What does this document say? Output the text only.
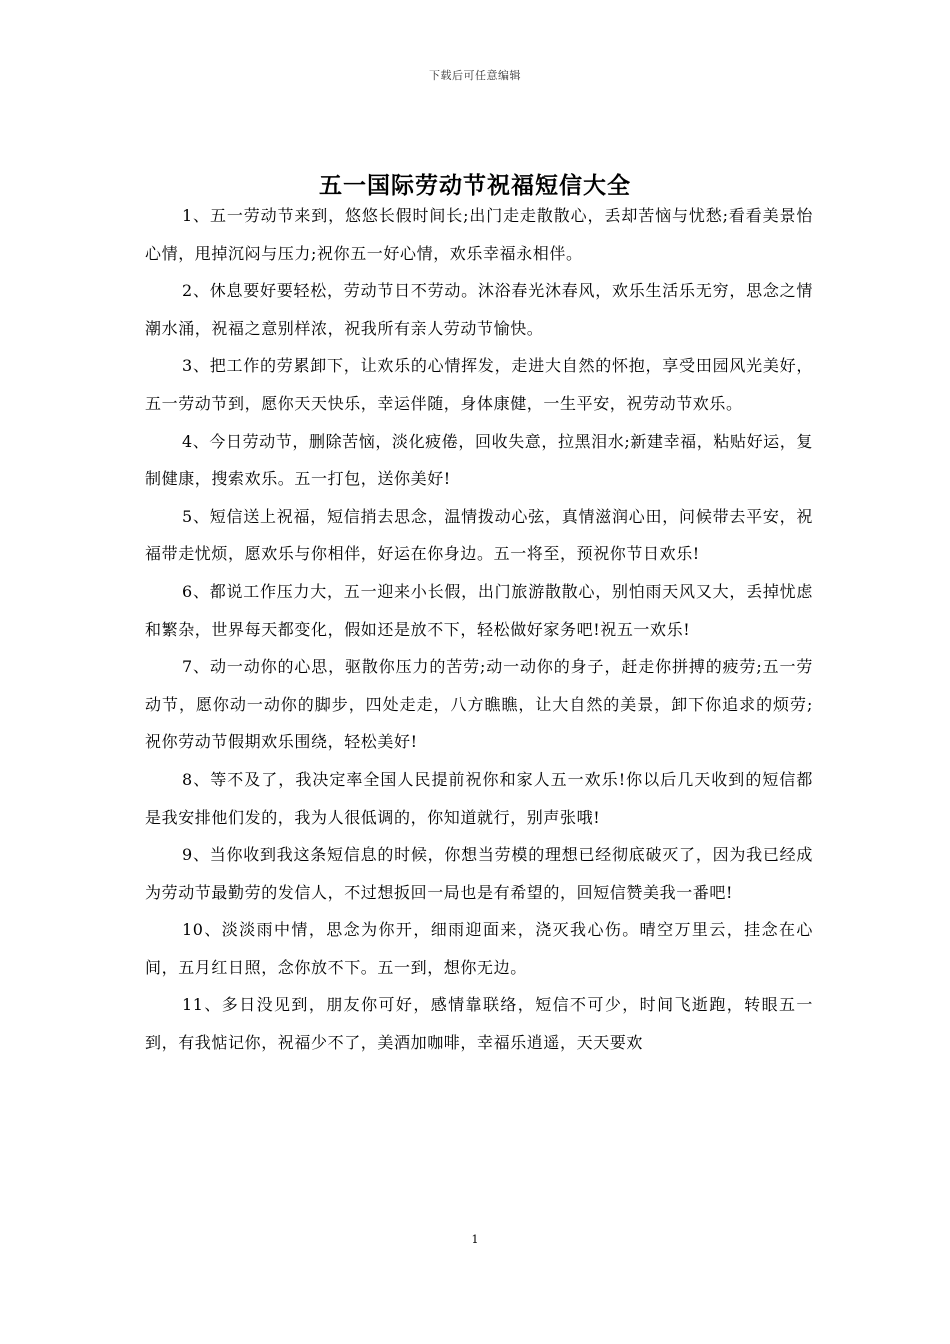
下载后可任意编辑
五一国际劳动节祝福短信大全

1、五一劳动节来到，悠悠长假时间长;出门走走散散心，丢却苦恼与忧愁;看看美景怡心情，甩掉沉闷与压力;祝你五一好心情，欢乐幸福永相伴。

2、休息要好要轻松，劳动节日不劳动。沐浴春光沐春风，欢乐生活乐无穷，思念之情潮水涌，祝福之意别样浓，祝我所有亲人劳动节愉快。

3、把工作的劳累卸下，让欢乐的心情挥发，走进大自然的怀抱，享受田园风光美好，五一劳动节到，愿你天天快乐，幸运伴随，身体康健，一生平安，祝劳动节欢乐。

4、今日劳动节，删除苦恼，淡化疲倦，回收失意，拉黑泪水;新建幸福，粘贴好运，复制健康，搜索欢乐。五一打包，送你美好!

5、短信送上祝福，短信捎去思念，温情拨动心弦，真情滋润心田，问候带去平安，祝福带走忧烦，愿欢乐与你相伴，好运在你身边。五一将至，预祝你节日欢乐!

6、都说工作压力大，五一迎来小长假，出门旅游散散心，别怕雨天风又大，丢掉忧虑和繁杂，世界每天都变化，假如还是放不下，轻松做好家务吧!祝五一欢乐!

7、动一动你的心思，驱散你压力的苦劳;动一动你的身子，赶走你拼搏的疲劳;五一劳动节，愿你动一动你的脚步，四处走走，八方瞧瞧，让大自然的美景，卸下你追求的烦劳;祝你劳动节假期欢乐围绕，轻松美好!

8、等不及了，我决定率全国人民提前祝你和家人五一欢乐!你以后几天收到的短信都是我安排他们发的，我为人很低调的，你知道就行，别声张哦!

9、当你收到我这条短信息的时候，你想当劳模的理想已经彻底破灭了，因为我已经成为劳动节最勤劳的发信人，不过想扳回一局也是有希望的，回短信赞美我一番吧!

10、淡淡雨中情，思念为你开，细雨迎面来，浇灭我心伤。晴空万里云，挂念在心间，五月红日照，念你放不下。五一到，想你无边。

11、多日没见到，朋友你可好，感情靠联络，短信不可少，时间飞逝跑，转眼五一到，有我惦记你，祝福少不了，美酒加咖啡，幸福乐逍遥，天天要欢

1
